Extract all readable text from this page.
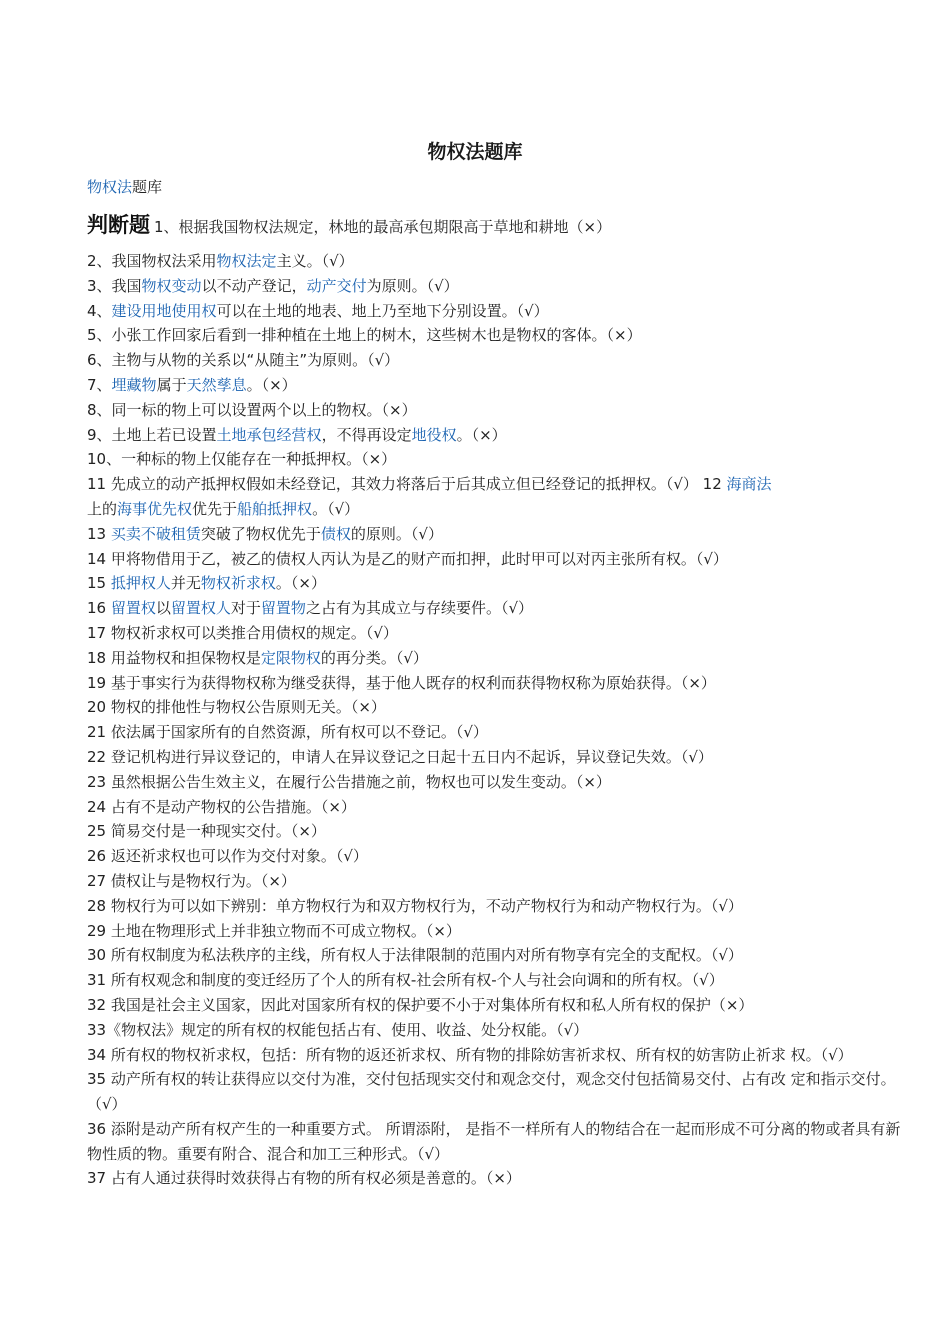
物权法题库
物权法题库
判断题 1、根据我国物权法规定，林地的最高承包期限高于草地和耕地（×）
2、我国物权法采用物权法定主义。（√）
3、我国物权变动以不动产登记，动产交付为原则。（√）
4、建设用地使用权可以在土地的地表、地上乃至地下分别设置。（√）
5、小张工作回家后看到一排种植在土地上的树木，这些树木也是物权的客体。（×）
6、主物与从物的关系以“从随主”为原则。（√）
7、埋藏物属于天然孳息。（×）
8、同一标的物上可以设置两个以上的物权。（×）
9、土地上若已设置土地承包经营权，不得再设定地役权。（×）
10、一种标的物上仅能存在一种抵押权。（×）
11 先成立的动产抵押权假如未经登记，其效力将落后于后其成立但已经登记的抵押权。（√） 12 海商法
上的海事优先权优先于船舶抵押权。（√）
13 买卖不破租赁突破了物权优先于债权的原则。（√）
14 甲将物借用于乙，被乙的债权人丙认为是乙的财产而扣押，此时甲可以对丙主张所有权。（√）
15 抵押权人并无物权祈求权。（×）
16 留置权以留置权人对于留置物之占有为其成立与存续要件。（√）
17 物权祈求权可以类推合用债权的规定。（√）
18 用益物权和担保物权是定限物权的再分类。（√）
19 基于事实行为获得物权称为继受获得，基于他人既存的权利而获得物权称为原始获得。（×）
20 物权的排他性与物权公告原则无关。（×）
21 依法属于国家所有的自然资源，所有权可以不登记。（√）
22 登记机构进行异议登记的，申请人在异议登记之日起十五日内不起诉，异议登记失效。（√）
23 虽然根据公告生效主义，在履行公告措施之前，物权也可以发生变动。（×）
24 占有不是动产物权的公告措施。（×）
25 简易交付是一种现实交付。（×）
26 返还祈求权也可以作为交付对象。（√）
27 债权让与是物权行为。（×）
28 物权行为可以如下辨别：单方物权行为和双方物权行为，不动产物权行为和动产物权行为。（√）
29 土地在物理形式上并非独立物而不可成立物权。（×）
30 所有权制度为私法秩序的主线，所有权人于法律限制的范围内对所有物享有完全的支配权。（√）
31 所有权观念和制度的变迁经历了个人的所有权-社会所有权-个人与社会向调和的所有权。（√）
32 我国是社会主义国家，因此对国家所有权的保护要不小于对集体所有权和私人所有权的保护（×）
33《物权法》规定的所有权的权能包括占有、使用、收益、处分权能。（√）
34 所有权的物权祈求权，包括：所有物的返还祈求权、所有物的排除妨害祈求权、所有权的妨害防止祈求 权。（√）
35 动产所有权的转让获得应以交付为准，交付包括现实交付和观念交付，观念交付包括简易交付、占有改 定和指示交付。（√）
36 添附是动产所有权产生的一种重要方式。 所谓添附， 是指不一样所有人的物结合在一起而形成不可分离的物或者具有新物性质的物。重要有附合、混合和加工三种形式。（√）
37 占有人通过获得时效获得占有物的所有权必须是善意的。（×）
